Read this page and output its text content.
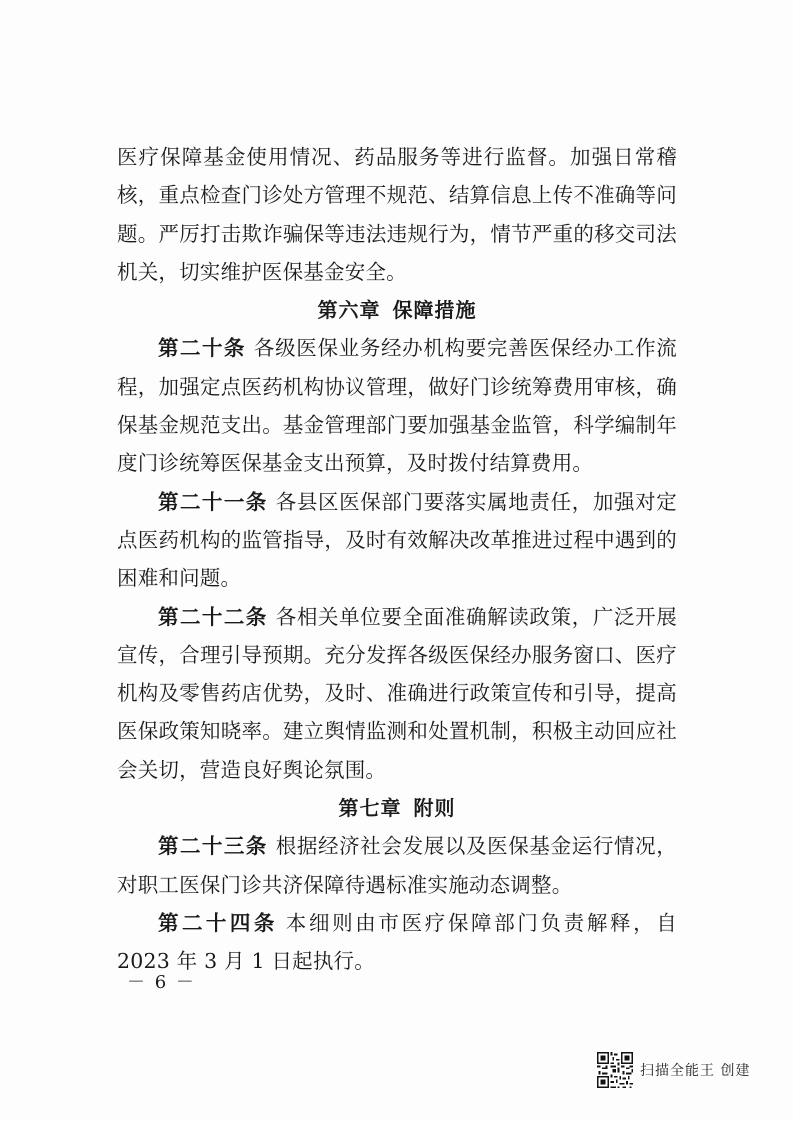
医疗保障基金使用情况、药品服务等进行监督。加强日常稽核，重点检查门诊处方管理不规范、结算信息上传不准确等问题。严厉打击欺诈骗保等违法违规行为，情节严重的移交司法机关，切实维护医保基金安全。

第六章 保障措施

第二十条 各级医保业务经办机构要完善医保经办工作流程，加强定点医药机构协议管理，做好门诊统筹费用审核，确保基金规范支出。基金管理部门要加强基金监管，科学编制年度门诊统筹医保基金支出预算，及时拨付结算费用。

第二十一条 各县区医保部门要落实属地责任，加强对定点医药机构的监管指导，及时有效解决改革推进过程中遇到的困难和问题。

第二十二条 各相关单位要全面准确解读政策，广泛开展宣传，合理引导预期。充分发挥各级医保经办服务窗口、医疗机构及零售药店优势，及时、准确进行政策宣传和引导，提高医保政策知晓率。建立舆情监测和处置机制，积极主动回应社会关切，营造良好舆论氛围。

第七章 附则

第二十三条 根据经济社会发展以及医保基金运行情况，对职工医保门诊共济保障待遇标准实施动态调整。

第二十四条 本细则由市医疗保障部门负责解释，自 2023 年 3 月 1 日起执行。

－ 6 －
扫描全能王 创建
